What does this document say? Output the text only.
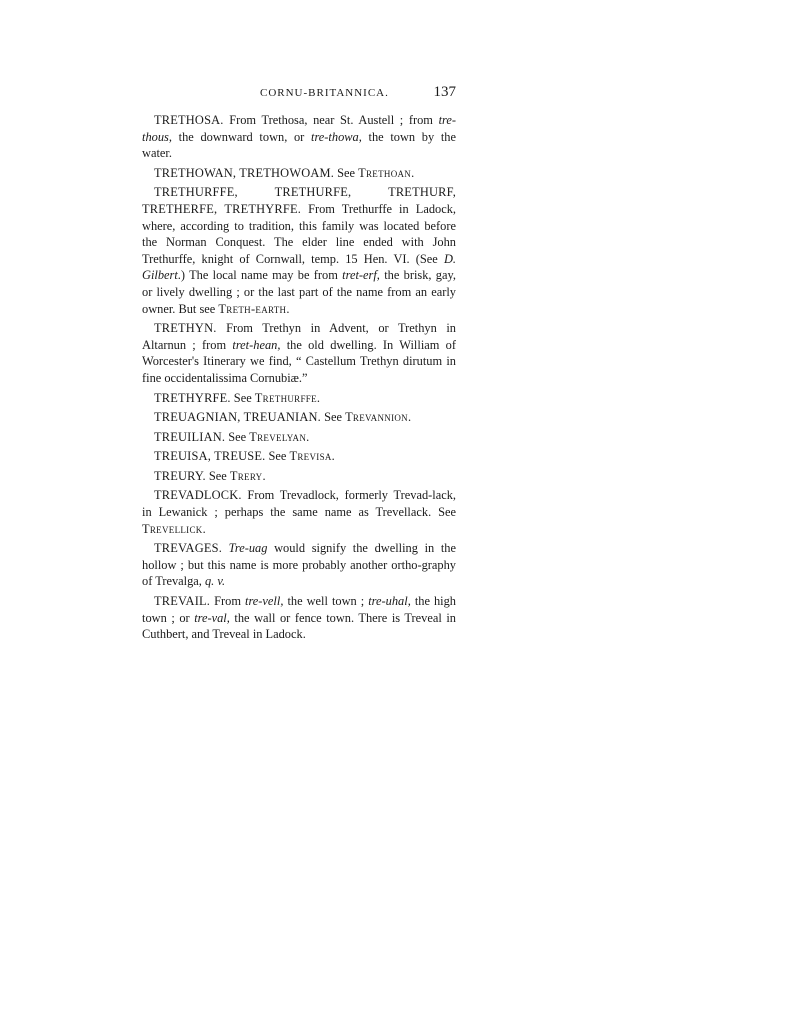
CORNU-BRITANNICA.	137

TRETHOSA. From Trethosa, near St. Austell ; from tre-thous, the downward town, or tre-thowa, the town by the water.

TRETHOWAN, TRETHOWOAM. See Trethoan.

TRETHURFFE, TRETHURFE, TRETHURF, TRETHERFE, TRETHYRFE. From Trethurffe in Ladock, where, according to tradition, this family was located before the Norman Conquest. The elder line ended with John Trethurffe, knight of Cornwall, temp. 15 Hen. VI. (See D. Gilbert.) The local name may be from tret-erf, the brisk, gay, or lively dwelling ; or the last part of the name from an early owner. But see Treth-earth.

TRETHYN. From Trethyn in Advent, or Trethyn in Altarnun ; from tret-hean, the old dwelling. In William of Worcester's Itinerary we find, “ Castellum Trethyn dirutum in fine occidentalissima Cornubiæ.”

TRETHYRFE. See Trethurffe.

TREUAGNIAN, TREUANIAN. See Trevannion.

TREUILIAN. See Trevelyan.

TREUISA, TREUSE. See Trevisa.

TREURY. See Trery.

TREVADLOCK. From Trevadlock, formerly Trevad-lack, in Lewanick ; perhaps the same name as Trevellack. See Trevellick.

TREVAGES. Tre-uag would signify the dwelling in the hollow ; but this name is more probably another ortho-graphy of Trevalga, q. v.

TREVAIL. From tre-vell, the well town ; tre-uhal, the high town ; or tre-val, the wall or fence town. There is Treveal in Cuthbert, and Treveal in Ladock.
